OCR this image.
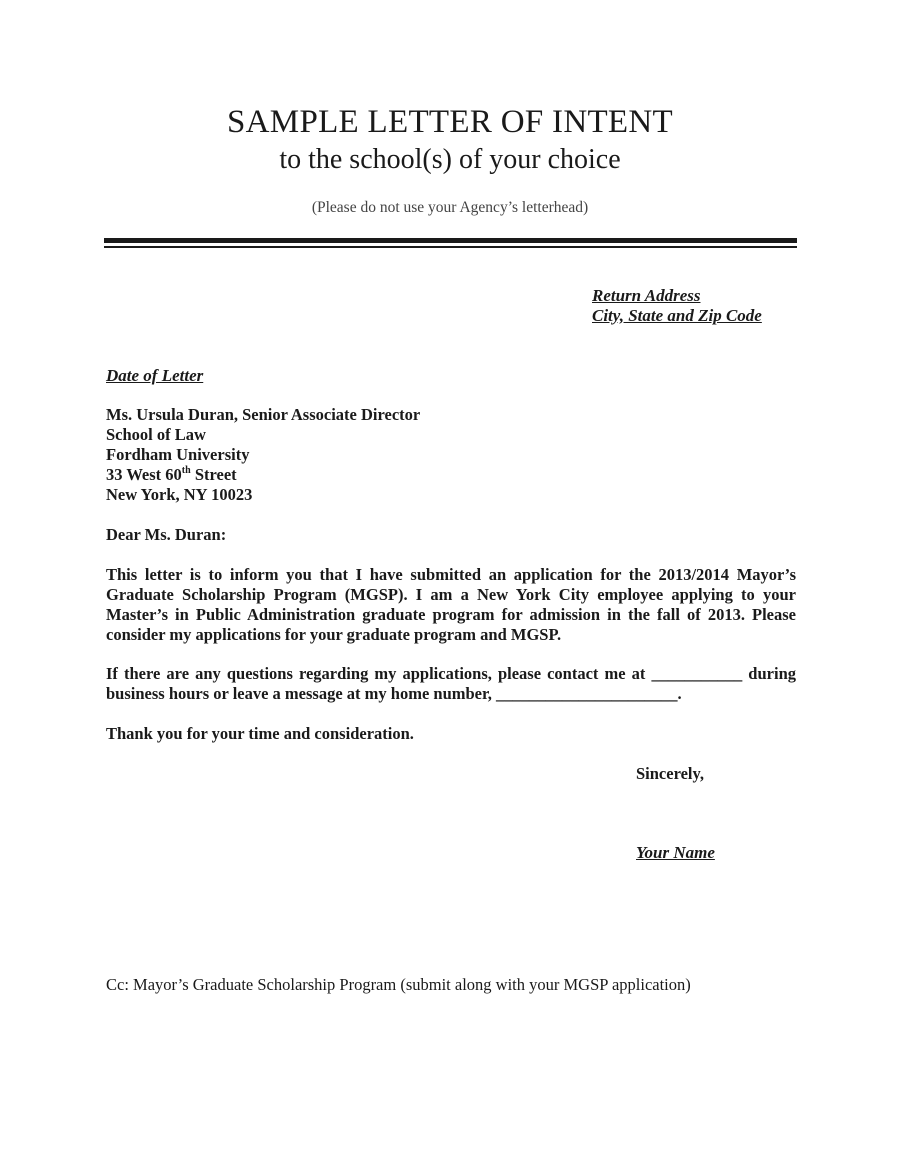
SAMPLE LETTER OF INTENT
to the school(s) of your choice
(Please do not use your Agency’s letterhead)
Return Address
City, State and Zip Code
Date of Letter
Ms. Ursula Duran, Senior Associate Director
School of Law
Fordham University
33 West 60th Street
New York, NY 10023
Dear Ms. Duran:

This letter is to inform you that I have submitted an application for the 2013/2014 Mayor’s Graduate Scholarship Program (MGSP). I am a New York City employee applying to your Master’s in Public Administration graduate program for admission in the fall of 2013. Please consider my applications for your graduate program and MGSP.

If there are any questions regarding my applications, please contact me at ___________ during business hours or leave a message at my home number, ______________________.

Thank you for your time and consideration.

Sincerely,
Your Name
Cc: Mayor’s Graduate Scholarship Program (submit along with your MGSP application)
